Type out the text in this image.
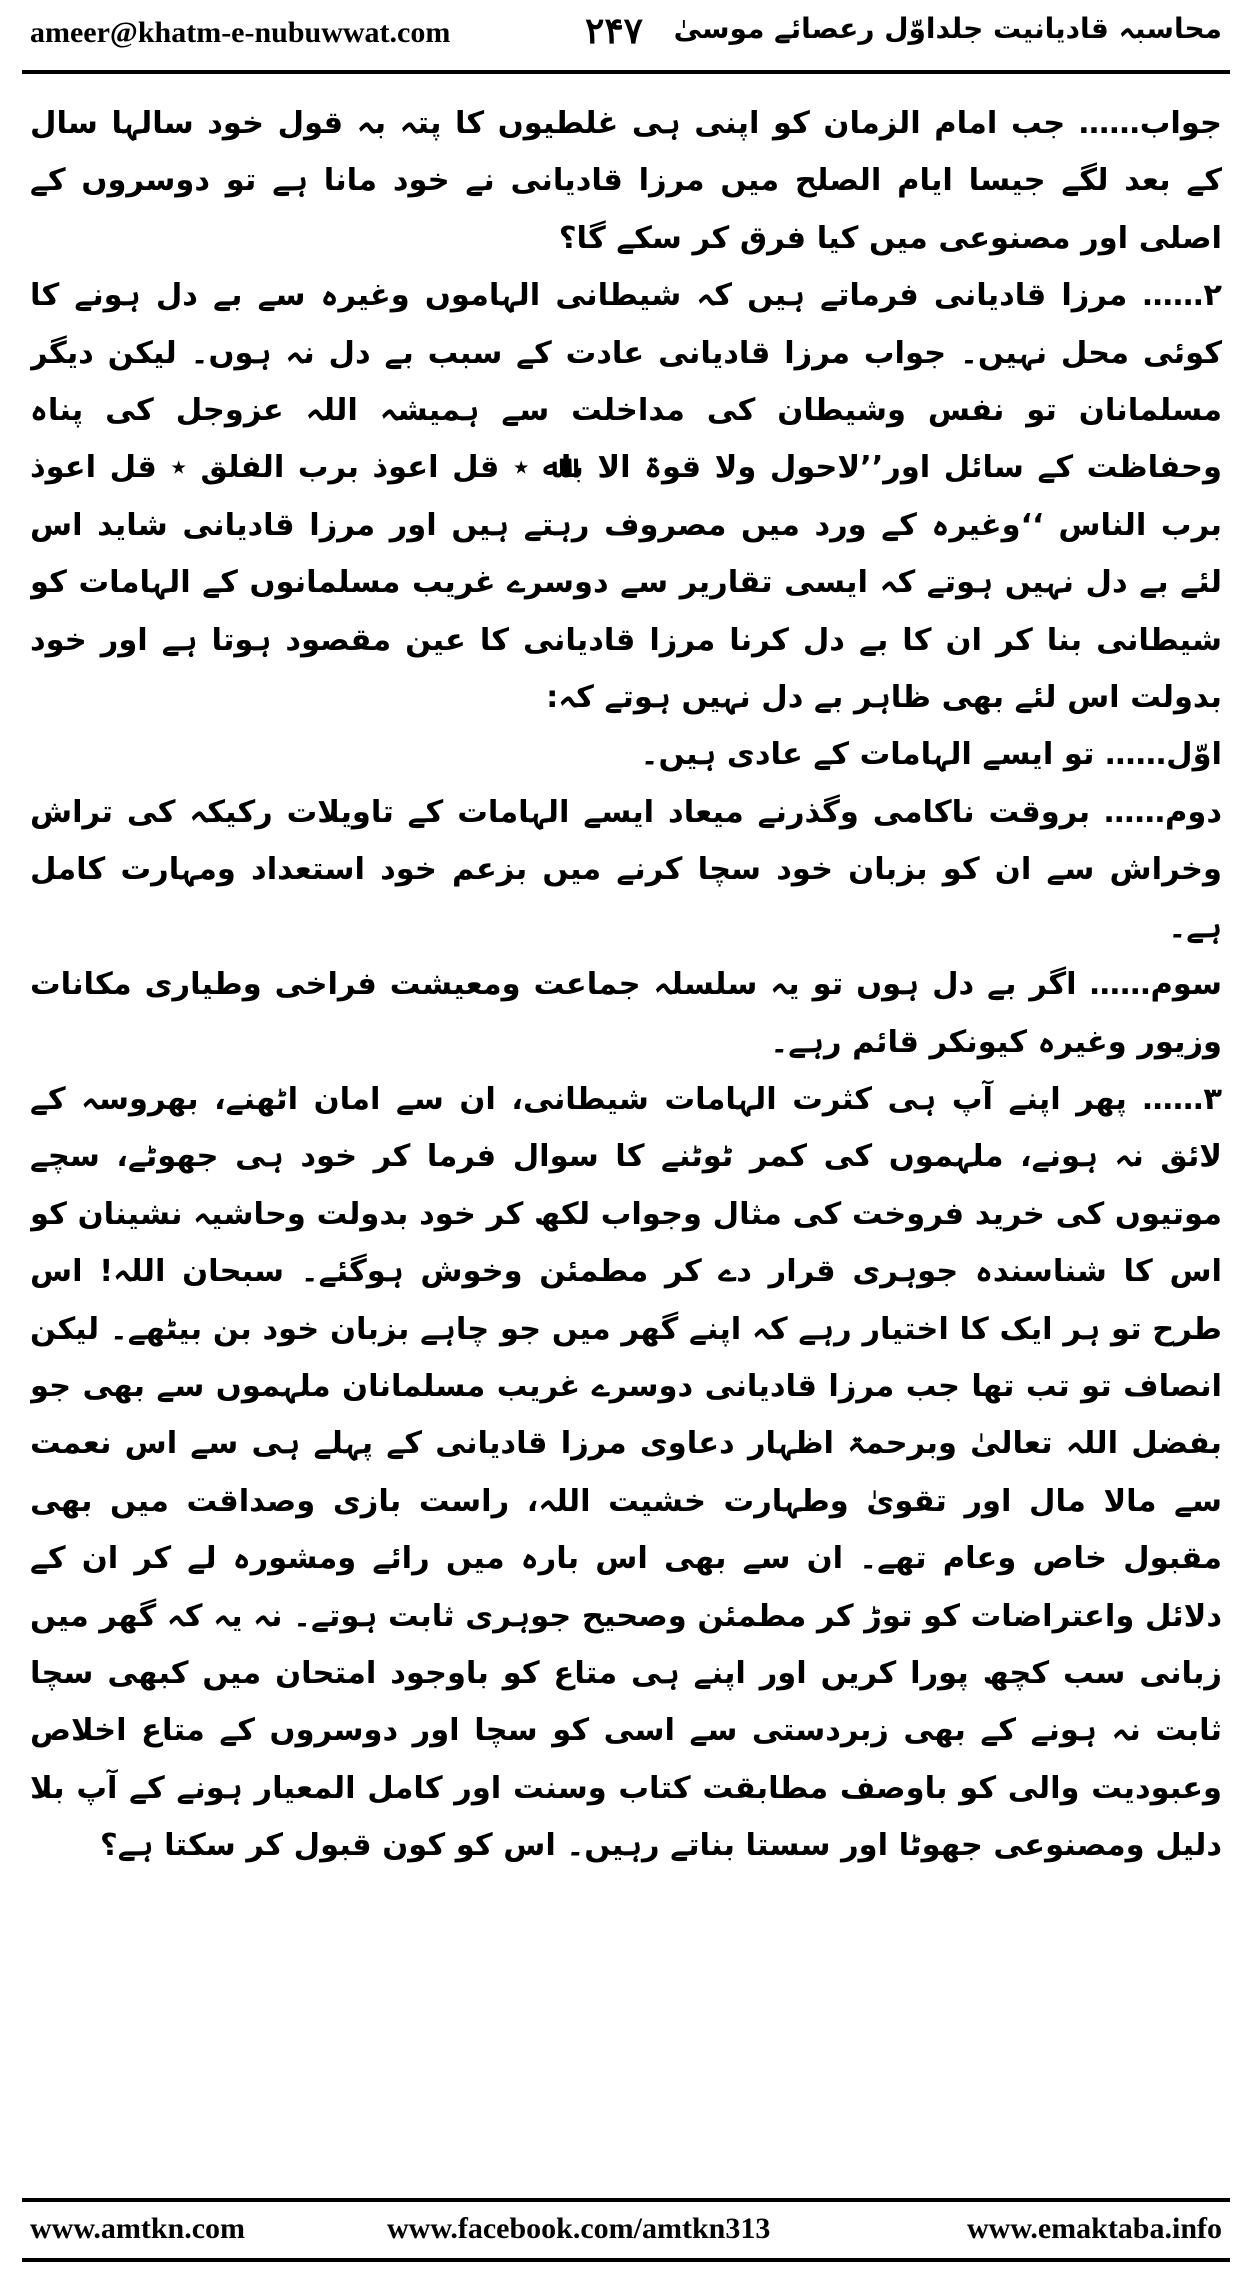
ameer@khatm-e-nubuwwat.com	۲۴۷ محاسبہ قادیانیت جلداوّل رعصائے موسیٰ

جواب…… جب امام الزمان کو اپنی ہی غلطیوں کا پتہ بہ قول خود سالہا سال کے بعد لگے جیسا ایام الصلح میں مرزا قادیانی نے خود مانا ہے تو دوسروں کے اصلی اور مصنوعی میں کیا فرق کر سکے گا؟

۲…… مرزا قادیانی فرماتے ہیں کہ شیطانی الہاموں وغیرہ سے بے دل ہونے کا کوئی محل نہیں۔ جواب مرزا قادیانی عادت کے سبب بے دل نہ ہوں۔ لیکن دیگر مسلمانان تو نفس وشیطان کی مداخلت سے ہمیشہ اللہ عزوجل کی پناہ وحفاظت کے سائل اور’’لاحول ولا قوۃ الا باﷲ ٭ قل اعوذ برب الفلق ٭ قل اعوذ برب الناس ‘‘وغیرہ کے ورد میں مصروف رہتے ہیں اور مرزا قادیانی شاید اس لئے بے دل نہیں ہوتے کہ ایسی تقاریر سے دوسرے غریب مسلمانوں کے الہامات کو شیطانی بنا کر ان کا بے دل کرنا مرزا قادیانی کا عین مقصود ہوتا ہے اور خود بدولت اس لئے بھی ظاہر بے دل نہیں ہوتے کہ:

اوّل…… تو ایسے الہامات کے عادی ہیں۔

دوم…… بروقت ناکامی وگذرنے میعاد ایسے الہامات کے تاویلات رکیکہ کی تراش وخراش سے ان کو بزبان خود سچا کرنے میں بزعم خود استعداد ومہارت کامل ہے۔

سوم…… اگر بے دل ہوں تو یہ سلسلہ جماعت ومعیشت فراخی وطیاری مکانات وزیور وغیرہ کیونکر قائم رہے۔

۳…… پھر اپنے آپ ہی کثرت الہامات شیطانی، ان سے امان اٹھنے، بھروسہ کے لائق نہ ہونے، ملہموں کی کمر ٹوٹنے کا سوال فرما کر خود ہی جھوٹے، سچے موتیوں کی خرید فروخت کی مثال وجواب لکھ کر خود بدولت وحاشیہ نشینان کو اس کا شناسندہ جوہری قرار دے کر مطمئن وخوش ہوگئے۔ سبحان اللہ! اس طرح تو ہر ایک کا اختیار رہے کہ اپنے گھر میں جو چاہے بزبان خود بن بیٹھے۔ لیکن انصاف تو تب تھا جب مرزا قادیانی دوسرے غریب مسلمانان ملہموں سے بھی جو بفضل اللہ تعالیٰ وبرحمۃ اظہار دعاوی مرزا قادیانی کے پہلے ہی سے اس نعمت سے مالا مال اور تقویٰ وطہارت خشیت اللہ، راست بازی وصداقت میں بھی مقبول خاص وعام تھے۔ ان سے بھی اس بارہ میں رائے ومشورہ لے کر ان کے دلائل واعتراضات کو توڑ کر مطمئن وصحیح جوہری ثابت ہوتے۔ نہ یہ کہ گھر میں زبانی سب کچھ پورا کریں اور اپنے ہی متاع کو باوجود امتحان میں کبھی سچا ثابت نہ ہونے کے بھی زبردستی سے اسی کو سچا اور دوسروں کے متاع اخلاص وعبودیت والی کو باوصف مطابقت کتاب وسنت اور کامل المعیار ہونے کے آپ بلا دلیل ومصنوعی جھوٹا اور سستا بناتے رہیں۔ اس کو کون قبول کر سکتا ہے؟

www.amtkn.com	www.facebook.com/amtkn313	www.emaktaba.info
